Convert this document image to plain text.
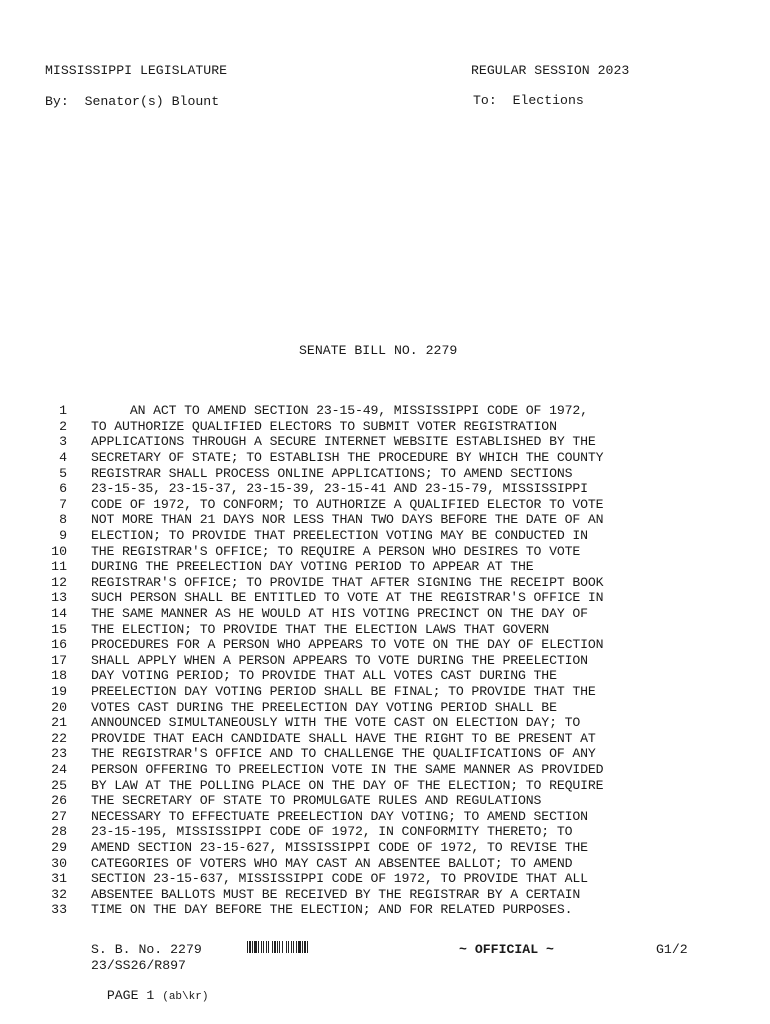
MISSISSIPPI LEGISLATURE	REGULAR SESSION 2023
By:  Senator(s) Blount	To:  Elections
SENATE BILL NO. 2279
1 AN ACT TO AMEND SECTION 23-15-49, MISSISSIPPI CODE OF 1972,
2 TO AUTHORIZE QUALIFIED ELECTORS TO SUBMIT VOTER REGISTRATION
3 APPLICATIONS THROUGH A SECURE INTERNET WEBSITE ESTABLISHED BY THE
4 SECRETARY OF STATE; TO ESTABLISH THE PROCEDURE BY WHICH THE COUNTY
5 REGISTRAR SHALL PROCESS ONLINE APPLICATIONS; TO AMEND SECTIONS
6 23-15-35, 23-15-37, 23-15-39, 23-15-41 AND 23-15-79, MISSISSIPPI
7 CODE OF 1972, TO CONFORM; TO AUTHORIZE A QUALIFIED ELECTOR TO VOTE
8 NOT MORE THAN 21 DAYS NOR LESS THAN TWO DAYS BEFORE THE DATE OF AN
9 ELECTION; TO PROVIDE THAT PREELECTION VOTING MAY BE CONDUCTED IN
10 THE REGISTRAR'S OFFICE; TO REQUIRE A PERSON WHO DESIRES TO VOTE
11 DURING THE PREELECTION DAY VOTING PERIOD TO APPEAR AT THE
12 REGISTRAR'S OFFICE; TO PROVIDE THAT AFTER SIGNING THE RECEIPT BOOK
13 SUCH PERSON SHALL BE ENTITLED TO VOTE AT THE REGISTRAR'S OFFICE IN
14 THE SAME MANNER AS HE WOULD AT HIS VOTING PRECINCT ON THE DAY OF
15 THE ELECTION; TO PROVIDE THAT THE ELECTION LAWS THAT GOVERN
16 PROCEDURES FOR A PERSON WHO APPEARS TO VOTE ON THE DAY OF ELECTION
17 SHALL APPLY WHEN A PERSON APPEARS TO VOTE DURING THE PREELECTION
18 DAY VOTING PERIOD; TO PROVIDE THAT ALL VOTES CAST DURING THE
19 PREELECTION DAY VOTING PERIOD SHALL BE FINAL; TO PROVIDE THAT THE
20 VOTES CAST DURING THE PREELECTION DAY VOTING PERIOD SHALL BE
21 ANNOUNCED SIMULTANEOUSLY WITH THE VOTE CAST ON ELECTION DAY; TO
22 PROVIDE THAT EACH CANDIDATE SHALL HAVE THE RIGHT TO BE PRESENT AT
23 THE REGISTRAR'S OFFICE AND TO CHALLENGE THE QUALIFICATIONS OF ANY
24 PERSON OFFERING TO PREELECTION VOTE IN THE SAME MANNER AS PROVIDED
25 BY LAW AT THE POLLING PLACE ON THE DAY OF THE ELECTION; TO REQUIRE
26 THE SECRETARY OF STATE TO PROMULGATE RULES AND REGULATIONS
27 NECESSARY TO EFFECTUATE PREELECTION DAY VOTING; TO AMEND SECTION
28 23-15-195, MISSISSIPPI CODE OF 1972, IN CONFORMITY THERETO; TO
29 AMEND SECTION 23-15-627, MISSISSIPPI CODE OF 1972, TO REVISE THE
30 CATEGORIES OF VOTERS WHO MAY CAST AN ABSENTEE BALLOT; TO AMEND
31 SECTION 23-15-637, MISSISSIPPI CODE OF 1972, TO PROVIDE THAT ALL
32 ABSENTEE BALLOTS MUST BE RECEIVED BY THE REGISTRAR BY A CERTAIN
33 TIME ON THE DAY BEFORE THE ELECTION; AND FOR RELATED PURPOSES.
S. B. No. 2279	~ OFFICIAL ~	G1/2
23/SS26/R897

PAGE 1 (ab\kr)
